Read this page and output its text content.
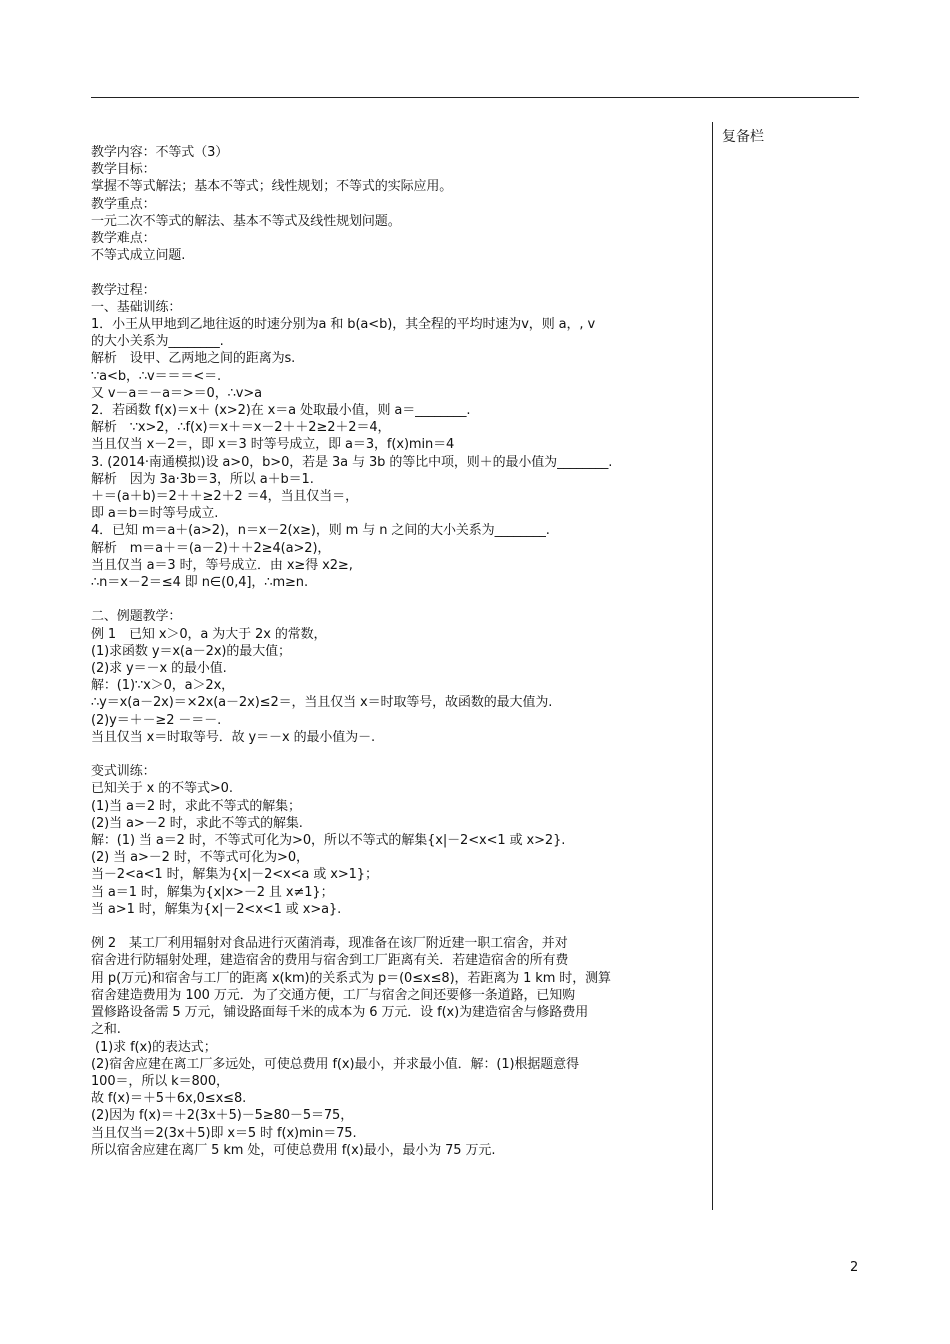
复备栏
教学内容：不等式（3）
教学目标：
掌握不等式解法；基本不等式；线性规划；不等式的实际应用。
教学重点：
一元二次不等式的解法、基本不等式及线性规划问题。
教学难点：
不等式成立问题.
教学过程：
一、基础训练：
1．小王从甲地到乙地往返的时速分别为a 和 b(a<b)，其全程的平均时速为v，则 a，, v
的大小关系为________.
解析　设甲、乙两地之间的距离为s.
∵a<b，∴v＝＝＝<＝.
又 v－a＝－a＝>＝0，∴v>a
2．若函数 f(x)＝x＋ (x>2)在 x＝a 处取最小值，则 a＝________.
解析　∵x>2，∴f(x)＝x＋＝x－2＋＋2≥2＋2＝4，
当且仅当 x－2＝，即 x＝3 时等号成立，即 a＝3，f(x)min＝4
3. (2014·南通模拟)设 a>0，b>0，若是 3a 与 3b 的等比中项，则＋的最小值为________.
解析　因为 3a·3b＝3，所以 a＋b＝1.
＋＝(a＋b)＝2＋＋≥2＋2 ＝4，当且仅当＝，
即 a＝b＝时等号成立.
4．已知 m＝a＋(a>2)，n＝x－2(x≥)，则 m 与 n 之间的大小关系为________.
解析　m＝a＋＝(a－2)＋＋2≥4(a>2)，
当且仅当 a＝3 时，等号成立．由 x≥得 x2≥,
∴n＝x－2＝≤4 即 n∈(0,4]，∴m≥n.
二、例题教学：
例 1　已知 x＞0，a 为大于 2x 的常数，
(1)求函数 y＝x(a－2x)的最大值；
(2)求 y＝－x 的最小值.
解：(1)∵x＞0，a＞2x，
∴y＝x(a－2x)＝×2x(a－2x)≤2＝，当且仅当 x＝时取等号，故函数的最大值为.
(2)y＝＋－≥2 －＝－.
当且仅当 x＝时取等号．故 y＝－x 的最小值为－.
变式训练：
已知关于 x 的不等式>0.
(1)当 a＝2 时，求此不等式的解集；
(2)当 a>－2 时，求此不等式的解集.
解：(1) 当 a＝2 时，不等式可化为>0，所以不等式的解集{x|－2<x<1 或 x>2}.
(2) 当 a>－2 时，不等式可化为>0，
当－2<a<1 时，解集为{x|－2<x<a 或 x>1}；
当 a＝1 时，解集为{x|x>－2 且 x≠1}；
当 a>1 时，解集为{x|－2<x<1 或 x>a}.
例 2　某工厂利用辐射对食品进行灭菌消毒，现准备在该厂附近建一职工宿舍，并对
宿舍进行防辐射处理，建造宿舍的费用与宿舍到工厂距离有关．若建造宿舍的所有费
用 p(万元)和宿舍与工厂的距离 x(km)的关系式为 p＝(0≤x≤8)，若距离为 1 km 时，测算
宿舍建造费用为 100 万元．为了交通方便，工厂与宿舍之间还要修一条道路，已知购
置修路设备需 5 万元，铺设路面每千米的成本为 6 万元．设 f(x)为建造宿舍与修路费用
之和.
(1)求 f(x)的表达式；
(2)宿舍应建在离工厂多远处，可使总费用 f(x)最小，并求最小值．解：(1)根据题意得
100＝，所以 k＝800，
故 f(x)＝＋5＋6x,0≤x≤8.
(2)因为 f(x)＝＋2(3x＋5)－5≥80－5＝75，
当且仅当＝2(3x＋5)即 x＝5 时 f(x)min＝75.
所以宿舍应建在离厂 5 km 处，可使总费用 f(x)最小，最小为 75 万元.
2
